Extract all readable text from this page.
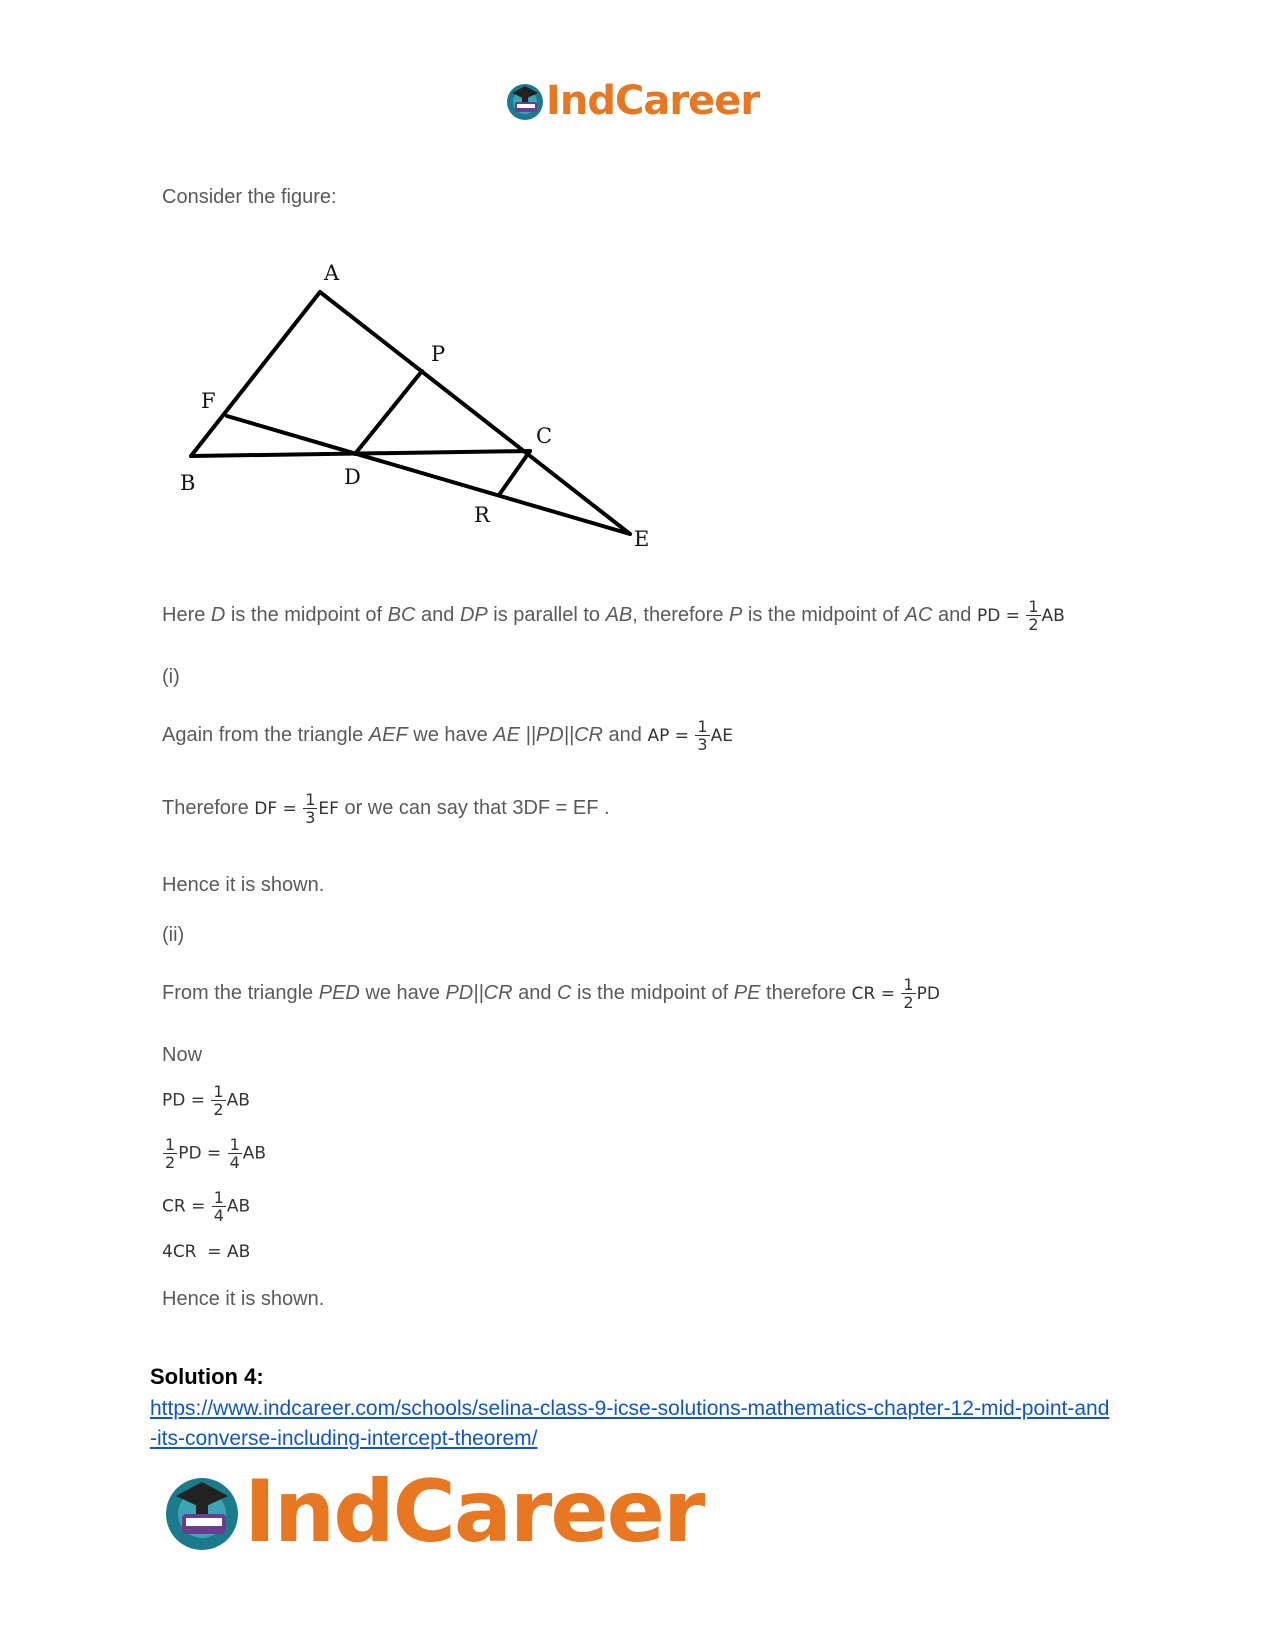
IndCareer
Consider the figure:
A
P
F
C
B	D
R
E
Here D is the midpoint of BC and DP is parallel to AB, therefore P is the midpoint of AC and PD = $\frac{1}{2}$ AB
(i)
Again from the triangle AEF we have AE ||PD||CR and AP = $\frac{1}{3}$ AE
Therefore DF = $\frac{1}{3}$ EF or we can say that 3DF = EF .
Hence it is shown.
(ii)
From the triangle PED we have PD||CR and C is the midpoint of PE therefore CR = $\frac{1}{2}$ PD
Now
PD = $\frac{1}{2}$ AB
$\frac{1}{2}$ PD = $\frac{1}{4}$ AB
CR = $\frac{1}{4}$ AB
4CR  = AB
Hence it is shown.
Solution 4:
https://www.indcareer.com/schools/selina-class-9-icse-solutions-mathematics-chapter-12-mid-point-and-its-converse-including-intercept-theorem/
IndCareer
